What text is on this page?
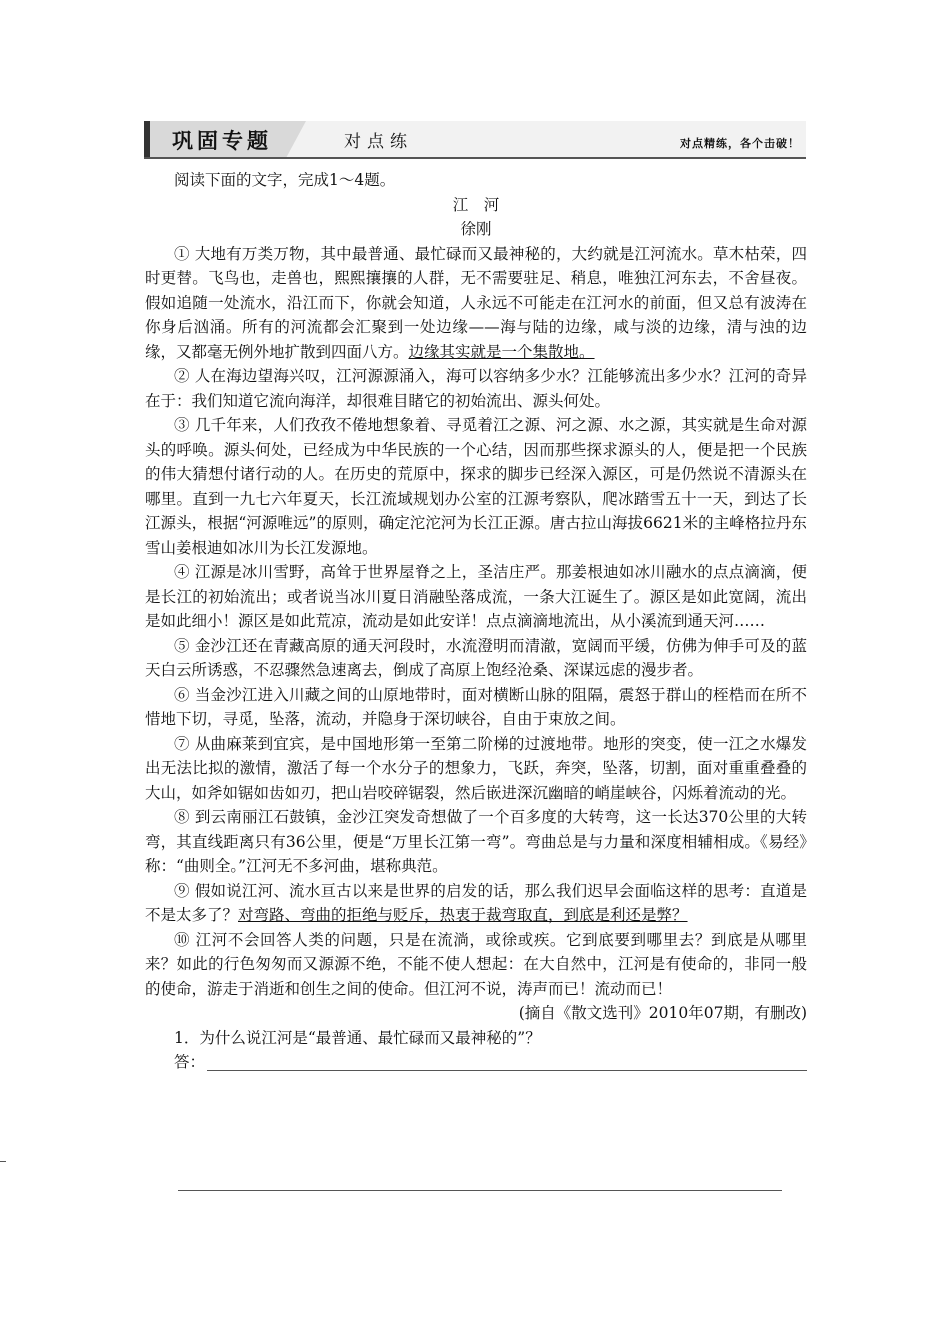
巩固专题	对点练	对点精练，各个击破！

阅读下面的文字，完成1～4题。

江　河

徐刚

① 大地有万类万物，其中最普通、最忙碌而又最神秘的，大约就是江河流水。草木枯荣，四时更替。飞鸟也，走兽也，熙熙攘攘的人群，无不需要驻足、稍息，唯独江河东去，不舍昼夜。假如追随一处流水，沿江而下，你就会知道，人永远不可能走在江河水的前面，但又总有波涛在你身后汹涌。所有的河流都会汇聚到一处边缘——海与陆的边缘，咸与淡的边缘，清与浊的边缘，又都毫无例外地扩散到四面八方。边缘其实就是一个集散地。

② 人在海边望海兴叹，江河源源涌入，海可以容纳多少水？江能够流出多少水？江河的奇异在于：我们知道它流向海洋，却很难目睹它的初始流出、源头何处。

③ 几千年来，人们孜孜不倦地想象着、寻觅着江之源、河之源、水之源，其实就是生命对源头的呼唤。源头何处，已经成为中华民族的一个心结，因而那些探求源头的人，便是把一个民族的伟大猜想付诸行动的人。在历史的荒原中，探求的脚步已经深入源区，可是仍然说不清源头在哪里。直到一九七六年夏天，长江流域规划办公室的江源考察队，爬冰踏雪五十一天，到达了长江源头，根据“河源唯远”的原则，确定沱沱河为长江正源。唐古拉山海拔6621米的主峰格拉丹东雪山姜根迪如冰川为长江发源地。

④ 江源是冰川雪野，高耸于世界屋脊之上，圣洁庄严。那姜根迪如冰川融水的点点滴滴，便是长江的初始流出；或者说当冰川夏日消融坠落成流，一条大江诞生了。源区是如此宽阔，流出是如此细小！源区是如此荒凉，流动是如此安详！点点滴滴地流出，从小溪流到通天河……

⑤ 金沙江还在青藏高原的通天河段时，水流澄明而清澈，宽阔而平缓，仿佛为伸手可及的蓝天白云所诱惑，不忍骤然急速离去，倒成了高原上饱经沧桑、深谋远虑的漫步者。

⑥ 当金沙江进入川藏之间的山原地带时，面对横断山脉的阻隔，震怒于群山的桎梏而在所不惜地下切，寻觅，坠落，流动，并隐身于深切峡谷，自由于束放之间。

⑦ 从曲麻莱到宜宾，是中国地形第一至第二阶梯的过渡地带。地形的突变，使一江之水爆发出无法比拟的激情，激活了每一个水分子的想象力，飞跃，奔突，坠落，切割，面对重重叠叠的大山，如斧如锯如齿如刃，把山岩咬碎锯裂，然后嵌进深沉幽暗的峭崖峡谷，闪烁着流动的光。

⑧ 到云南丽江石鼓镇，金沙江突发奇想做了一个百多度的大转弯，这一长达370公里的大转弯，其直线距离只有36公里，便是“万里长江第一弯”。弯曲总是与力量和深度相辅相成。《易经》称：“曲则全。”江河无不多河曲，堪称典范。

⑨ 假如说江河、流水亘古以来是世界的启发的话，那么我们迟早会面临这样的思考：直道是不是太多了？对弯路、弯曲的拒绝与贬斥，热衷于裁弯取直，到底是利还是弊？

⑩ 江河不会回答人类的问题，只是在流淌，或徐或疾。它到底要到哪里去？到底是从哪里来？如此的行色匆匆而又源源不绝，不能不使人想起：在大自然中，江河是有使命的，非同一般的使命，游走于消逝和创生之间的使命。但江河不说，涛声而已！流动而已！

(摘自《散文选刊》2010年07期，有删改)

1．为什么说江河是“最普通、最忙碌而又最神秘的”？

答：
